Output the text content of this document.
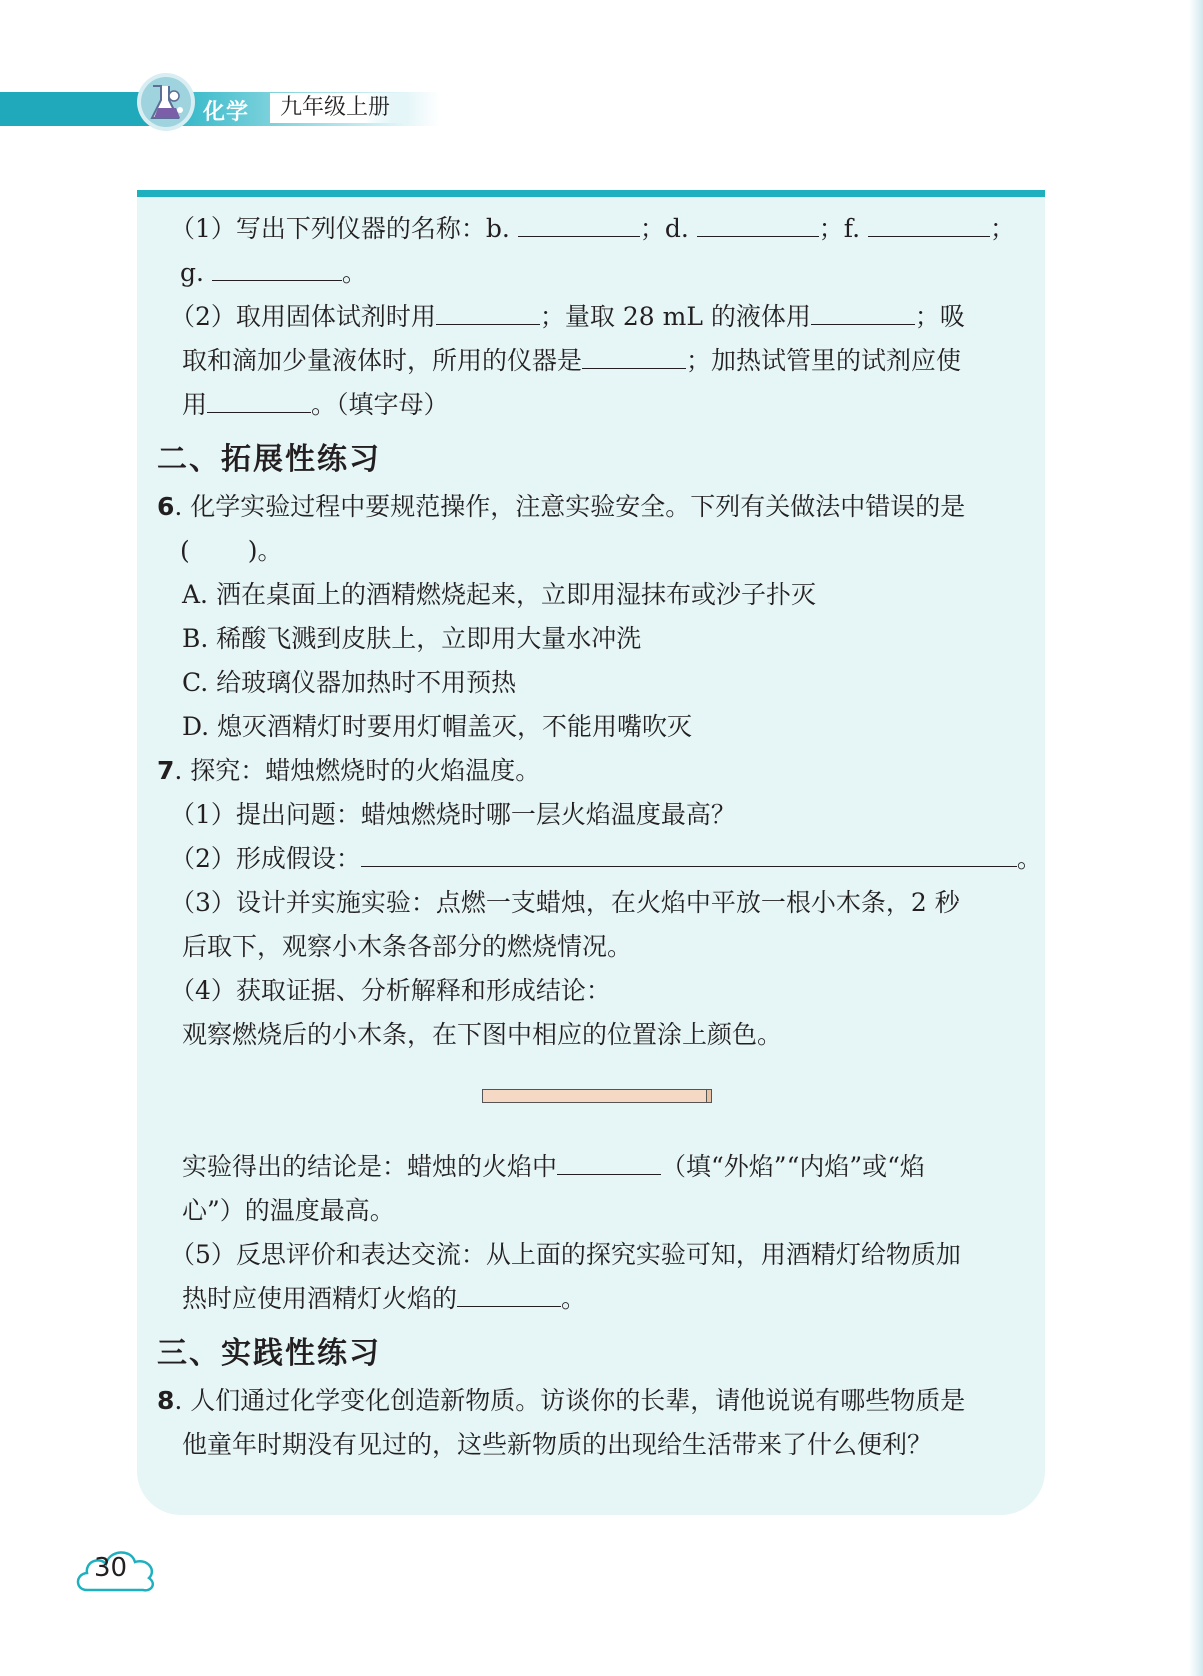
化学	九年级上册
（1）写出下列仪器的名称：b.	；d.	；f.	；
g.	。
（2）取用固体试剂时用	；量取 28 mL 的液体用	；吸
取和滴加少量液体时，所用的仪器是	；加热试管里的试剂应使
用	。（填字母）
二、拓展性练习
6. 化学实验过程中要规范操作，注意实验安全。下列有关做法中错误的是
(　　 )。
A. 洒在桌面上的酒精燃烧起来，立即用湿抹布或沙子扑灭
B. 稀酸飞溅到皮肤上，立即用大量水冲洗
C. 给玻璃仪器加热时不用预热
D. 熄灭酒精灯时要用灯帽盖灭，不能用嘴吹灭
7. 探究：蜡烛燃烧时的火焰温度。
（1）提出问题：蜡烛燃烧时哪一层火焰温度最高？
（2）形成假设：	。
（3）设计并实施实验：点燃一支蜡烛，在火焰中平放一根小木条，2 秒
后取下，观察小木条各部分的燃烧情况。
（4）获取证据、分析解释和形成结论：
观察燃烧后的小木条，在下图中相应的位置涂上颜色。
实验得出的结论是：蜡烛的火焰中	（填“外焰”“内焰”或“焰
心”）的温度最高。
（5）反思评价和表达交流：从上面的探究实验可知，用酒精灯给物质加
热时应使用酒精灯火焰的	。
三、实践性练习
8. 人们通过化学变化创造新物质。访谈你的长辈，请他说说有哪些物质是
他童年时期没有见过的，这些新物质的出现给生活带来了什么便利？
30
